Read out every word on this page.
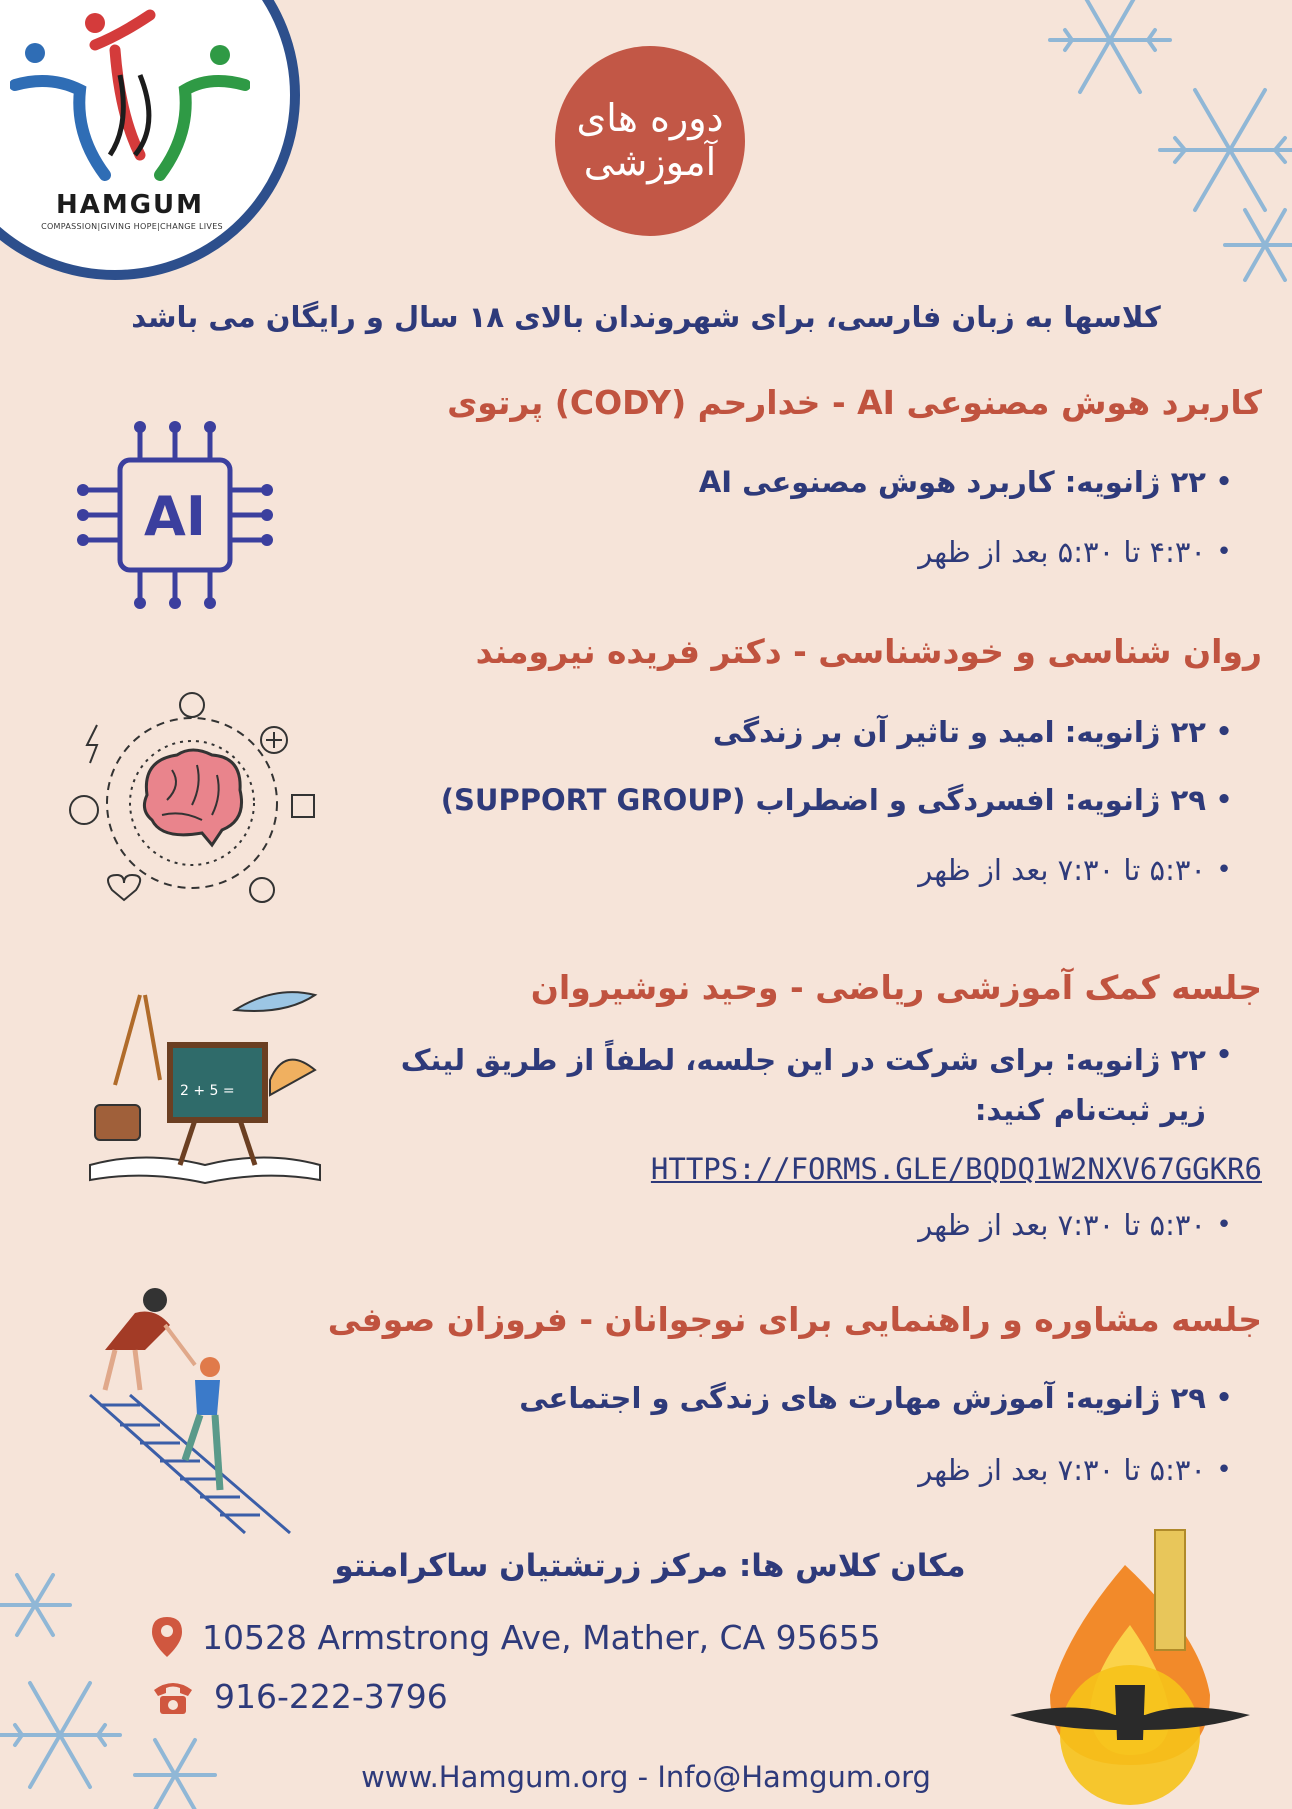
HAMGUM
COMPASSION|GIVING HOPE|CHANGE LIVES
دوره های
آموزشی
کلاسها به زبان فارسی، برای شهروندان بالای ۱۸ سال و رایگان می باشد
کاربرد هوش مصنوعی AI - خدارحم (CODY) پرتوی
•
۲۲ ژانویه: کاربرد هوش مصنوعی AI
•
۴:۳۰ تا ۵:۳۰ بعد از ظهر
AI
روان شناسی و خودشناسی - دکتر فریده نیرومند
•
۲۲ ژانویه: امید و تاثیر آن بر زندگی
•
۲۹ ژانویه: افسردگی و اضطراب (SUPPORT GROUP)
•
۵:۳۰ تا ۷:۳۰ بعد از ظهر
جلسه کمک آموزشی ریاضی - وحید نوشیروان
•
۲۲ ژانویه: برای شرکت در این جلسه، لطفاً از طریق لینک زیر ثبت‌نام کنید:
HTTPS://FORMS.GLE/BQDQ1W2NXV67GGKR6
•
۵:۳۰ تا ۷:۳۰ بعد از ظهر
2 + 5 =
جلسه مشاوره و راهنمایی برای نوجوانان - فروزان صوفی
•
۲۹ ژانویه: آموزش مهارت های زندگی و اجتماعی
•
۵:۳۰ تا ۷:۳۰ بعد از ظهر
مکان کلاس ها: مرکز زرتشتیان ساکرامنتو
10528 Armstrong Ave, Mather, CA 95655
916-222-3796
www.Hamgum.org - Info@Hamgum.org
